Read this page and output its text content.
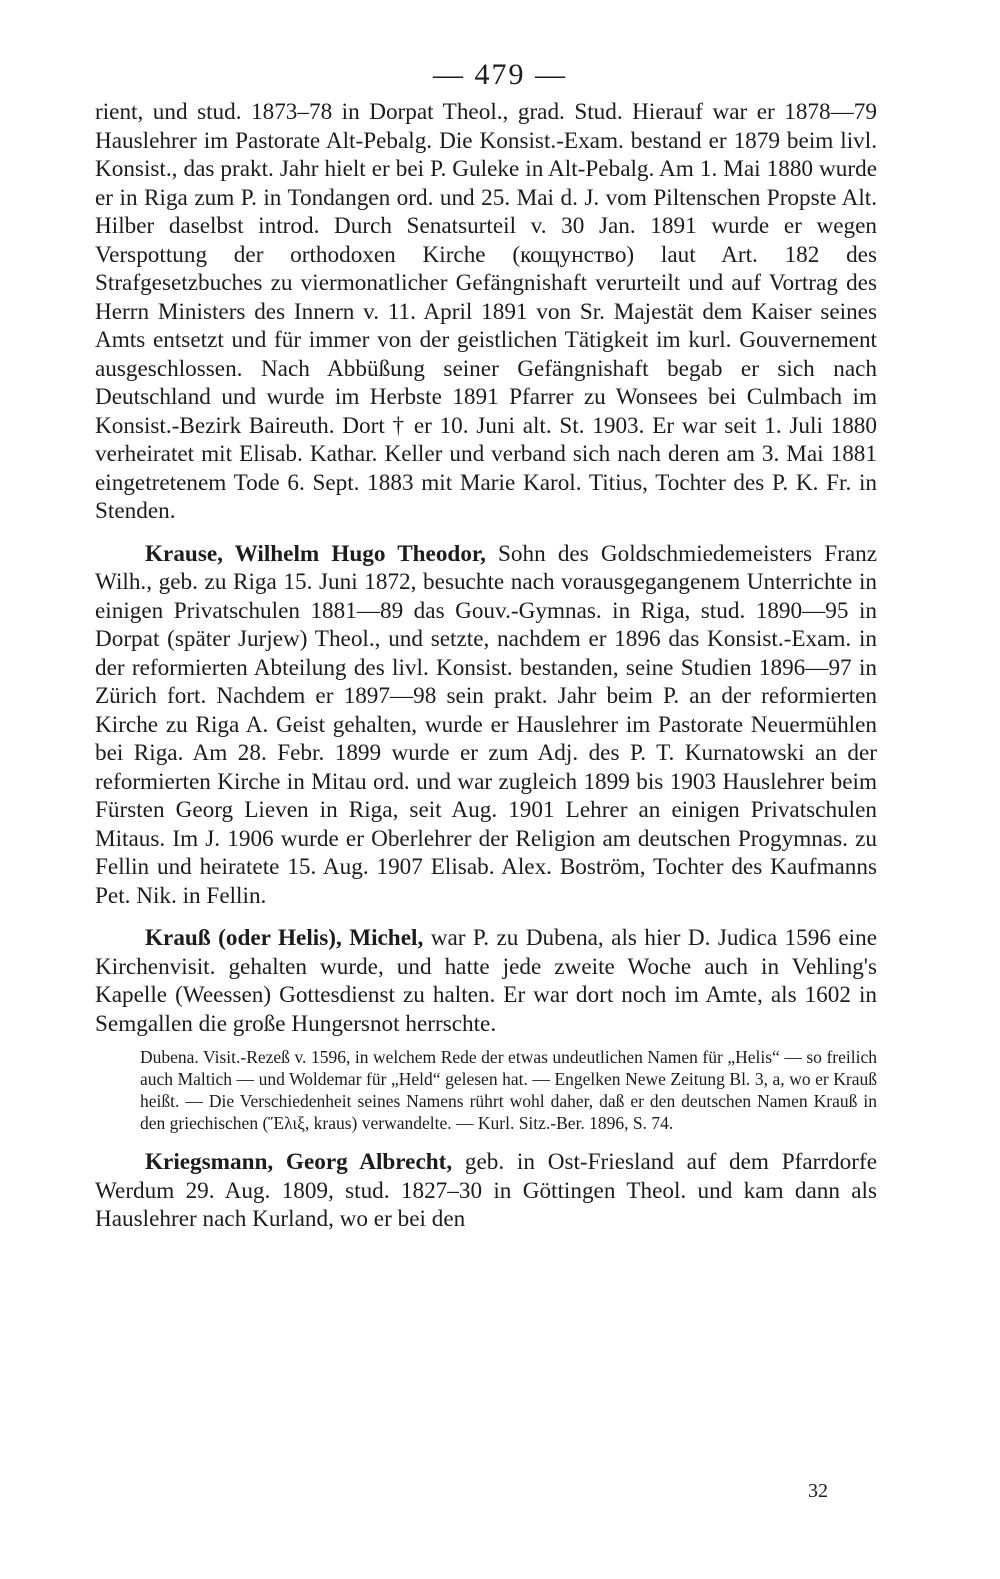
— 479 —

rient, und stud. 1873–78 in Dorpat Theol., grad. Stud. Hierauf war er 1878—79 Hauslehrer im Pastorate Alt-Pebalg. Die Konsist.-Exam. bestand er 1879 beim livl. Konsist., das prakt. Jahr hielt er bei P. Guleke in Alt-Pebalg. Am 1. Mai 1880 wurde er in Riga zum P. in Tondangen ord. und 25. Mai d. J. vom Piltenschen Propste Alt. Hilber daselbst introd. Durch Senatsurteil v. 30 Jan. 1891 wurde er wegen Verspottung der orthodoxen Kirche (кощунство) laut Art. 182 des Strafgesetzbuches zu viermonatlicher Gefängnishaft verurteilt und auf Vortrag des Herrn Ministers des Innern v. 11. April 1891 von Sr. Majestät dem Kaiser seines Amts entsetzt und für immer von der geistlichen Tätigkeit im kurl. Gouvernement ausgeschlossen. Nach Abbüßung seiner Gefängnishaft begab er sich nach Deutschland und wurde im Herbste 1891 Pfarrer zu Wonsees bei Culmbach im Konsist.-Bezirk Baireuth. Dort † er 10. Juni alt. St. 1903. Er war seit 1. Juli 1880 verheiratet mit Elisab. Kathar. Keller und verband sich nach deren am 3. Mai 1881 eingetretenem Tode 6. Sept. 1883 mit Marie Karol. Titius, Tochter des P. K. Fr. in Stenden.

Krause, Wilhelm Hugo Theodor, Sohn des Goldschmiedemeisters Franz Wilh., geb. zu Riga 15. Juni 1872, besuchte nach vorausgegangenem Unterrichte in einigen Privatschulen 1881—89 das Gouv.-Gymnas. in Riga, stud. 1890—95 in Dorpat (später Jurjew) Theol., und setzte, nachdem er 1896 das Konsist.-Exam. in der reformierten Abteilung des livl. Konsist. bestanden, seine Studien 1896—97 in Zürich fort. Nachdem er 1897—98 sein prakt. Jahr beim P. an der reformierten Kirche zu Riga A. Geist gehalten, wurde er Hauslehrer im Pastorate Neuermühlen bei Riga. Am 28. Febr. 1899 wurde er zum Adj. des P. T. Kurnatowski an der reformierten Kirche in Mitau ord. und war zugleich 1899 bis 1903 Hauslehrer beim Fürsten Georg Lieven in Riga, seit Aug. 1901 Lehrer an einigen Privatschulen Mitaus. Im J. 1906 wurde er Oberlehrer der Religion am deutschen Progymnas. zu Fellin und heiratete 15. Aug. 1907 Elisab. Alex. Boström, Tochter des Kaufmanns Pet. Nik. in Fellin.

Krauß (oder Helis), Michel, war P. zu Dubena, als hier D. Judica 1596 eine Kirchenvisit. gehalten wurde, und hatte jede zweite Woche auch in Vehling's Kapelle (Weessen) Gottesdienst zu halten. Er war dort noch im Amte, als 1602 in Semgallen die große Hungersnot herrschte.

Dubena. Visit.-Rezeß v. 1596, in welchem Rede der etwas undeutlichen Namen für „Helis“ — so freilich auch Maltich — und Woldemar für „Held“ gelesen hat. — Engelken Newe Zeitung Bl. 3, a, wo er Krauß heißt. — Die Verschiedenheit seines Namens rührt wohl daher, daß er den deutschen Namen Krauß in den griechischen (Ἕλιξ, kraus) verwandelte. — Kurl. Sitz.-Ber. 1896, S. 74.

Kriegsmann, Georg Albrecht, geb. in Ost-Friesland auf dem Pfarrdorfe Werdum 29. Aug. 1809, stud. 1827–30 in Göttingen Theol. und kam dann als Hauslehrer nach Kurland, wo er bei den

32
